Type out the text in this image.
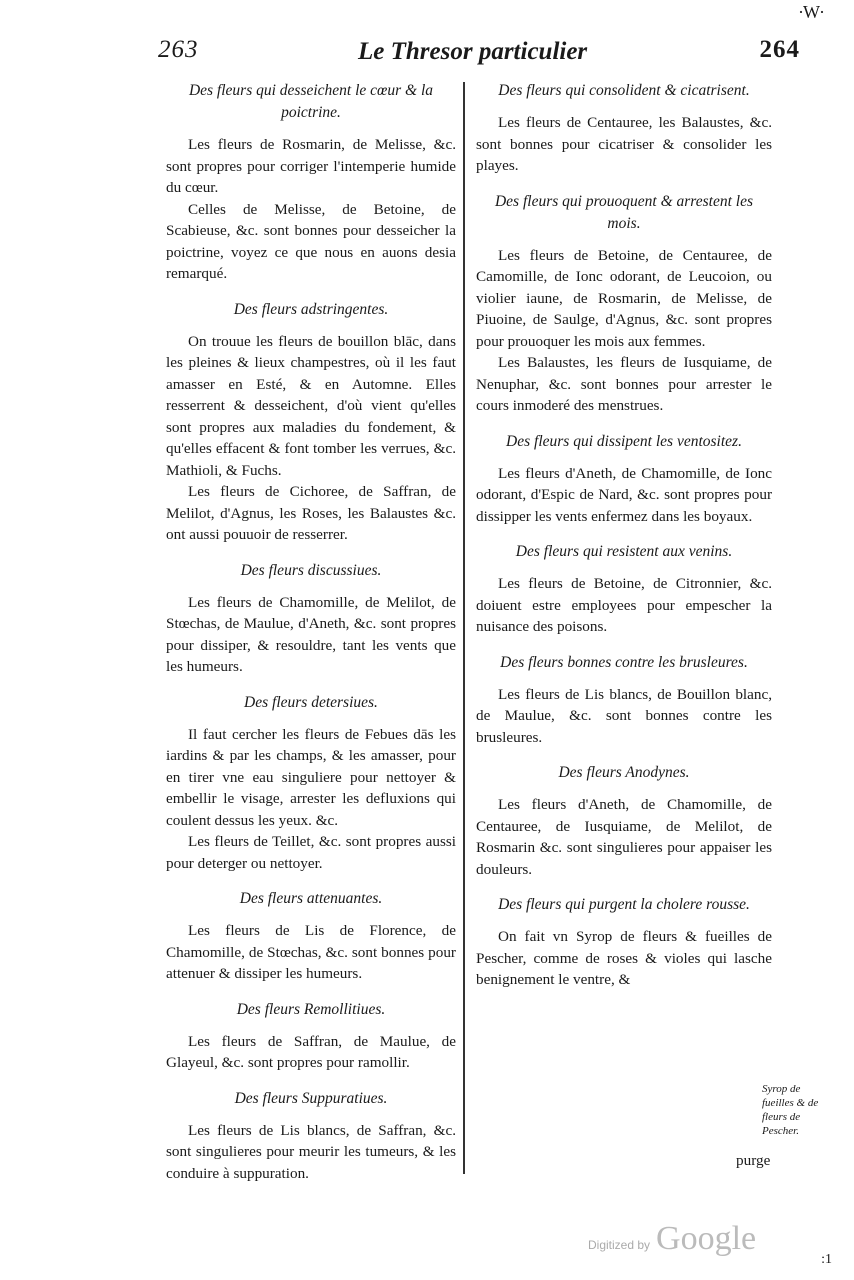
·W·
263	Le Thresor particulier	264
Des fleurs qui desseichent le cœur & la poictrine.

Les fleurs de Rosmarin, de Melisse, &c. sont propres pour corriger l'intemperie humide du cœur.

Celles de Melisse, de Betoine, de Scabieuse, &c. sont bonnes pour desseicher la poictrine, voyez ce que nous en auons desia remarqué.

Des fleurs adstringentes.

On trouue les fleurs de bouillon blāc, dans les pleines & lieux champestres, où il les faut amasser en Esté, & en Automne. Elles resserrent & desseichent, d'où vient qu'elles sont propres aux maladies du fondement, & qu'elles effacent & font tomber les verrues, &c. Mathioli, & Fuchs.

Les fleurs de Cichoree, de Saffran, de Melilot, d'Agnus, les Roses, les Balaustes &c. ont aussi pouuoir de resserrer.

Des fleurs discussiues.

Les fleurs de Chamomille, de Melilot, de Stœchas, de Maulue, d'Aneth, &c. sont propres pour dissiper, & resouldre, tant les vents que les humeurs.

Des fleurs detersiues.

Il faut cercher les fleurs de Febues dās les iardins & par les champs, & les amasser, pour en tirer vne eau singuliere pour nettoyer & embellir le visage, arrester les defluxions qui coulent dessus les yeux. &c.

Les fleurs de Teillet, &c. sont propres aussi pour deterger ou nettoyer.

Des fleurs attenuantes.

Les fleurs de Lis de Florence, de Chamomille, de Stœchas, &c. sont bonnes pour attenuer & dissiper les humeurs.

Des fleurs Remollitiues.

Les fleurs de Saffran, de Maulue, de Glayeul, &c. sont propres pour ramollir.

Des fleurs Suppuratiues.

Les fleurs de Lis blancs, de Saffran, &c. sont singulieres pour meurir les tumeurs, & les conduire à suppuration.

Des fleurs qui consolident & cicatrisent.

Les fleurs de Centauree, les Balaustes, &c. sont bonnes pour cicatriser & consolider les playes.

Des fleurs qui prouoquent & arrestent les mois.

Les fleurs de Betoine, de Centauree, de Camomille, de Ionc odorant, de Leucoion, ou violier iaune, de Rosmarin, de Melisse, de Piuoine, de Saulge, d'Agnus, &c. sont propres pour prouoquer les mois aux femmes.

Les Balaustes, les fleurs de Iusquiame, de Nenuphar, &c. sont bonnes pour arrester le cours inmoderé des menstrues.

Des fleurs qui dissipent les ventositez.

Les fleurs d'Aneth, de Chamomille, de Ionc odorant, d'Espic de Nard, &c. sont propres pour dissipper les vents enfermez dans les boyaux.

Des fleurs qui resistent aux venins.

Les fleurs de Betoine, de Citronnier, &c. doiuent estre employees pour empescher la nuisance des poisons.

Des fleurs bonnes contre les brusleures.

Les fleurs de Lis blancs, de Bouillon blanc, de Maulue, &c. sont bonnes contre les brusleures.

Des fleurs Anodynes.

Les fleurs d'Aneth, de Chamomille, de Centauree, de Iusquiame, de Melilot, de Rosmarin &c. sont singulieres pour appaiser les douleurs.

Des fleurs qui purgent la cholere rousse.

On fait vn Syrop de fleurs & fueilles de Pescher, comme de roses & violes qui lasche benignement le ventre, &

Syrop de fueilles & de fleurs de Pescher.
purge
:1
Digitized by Google
